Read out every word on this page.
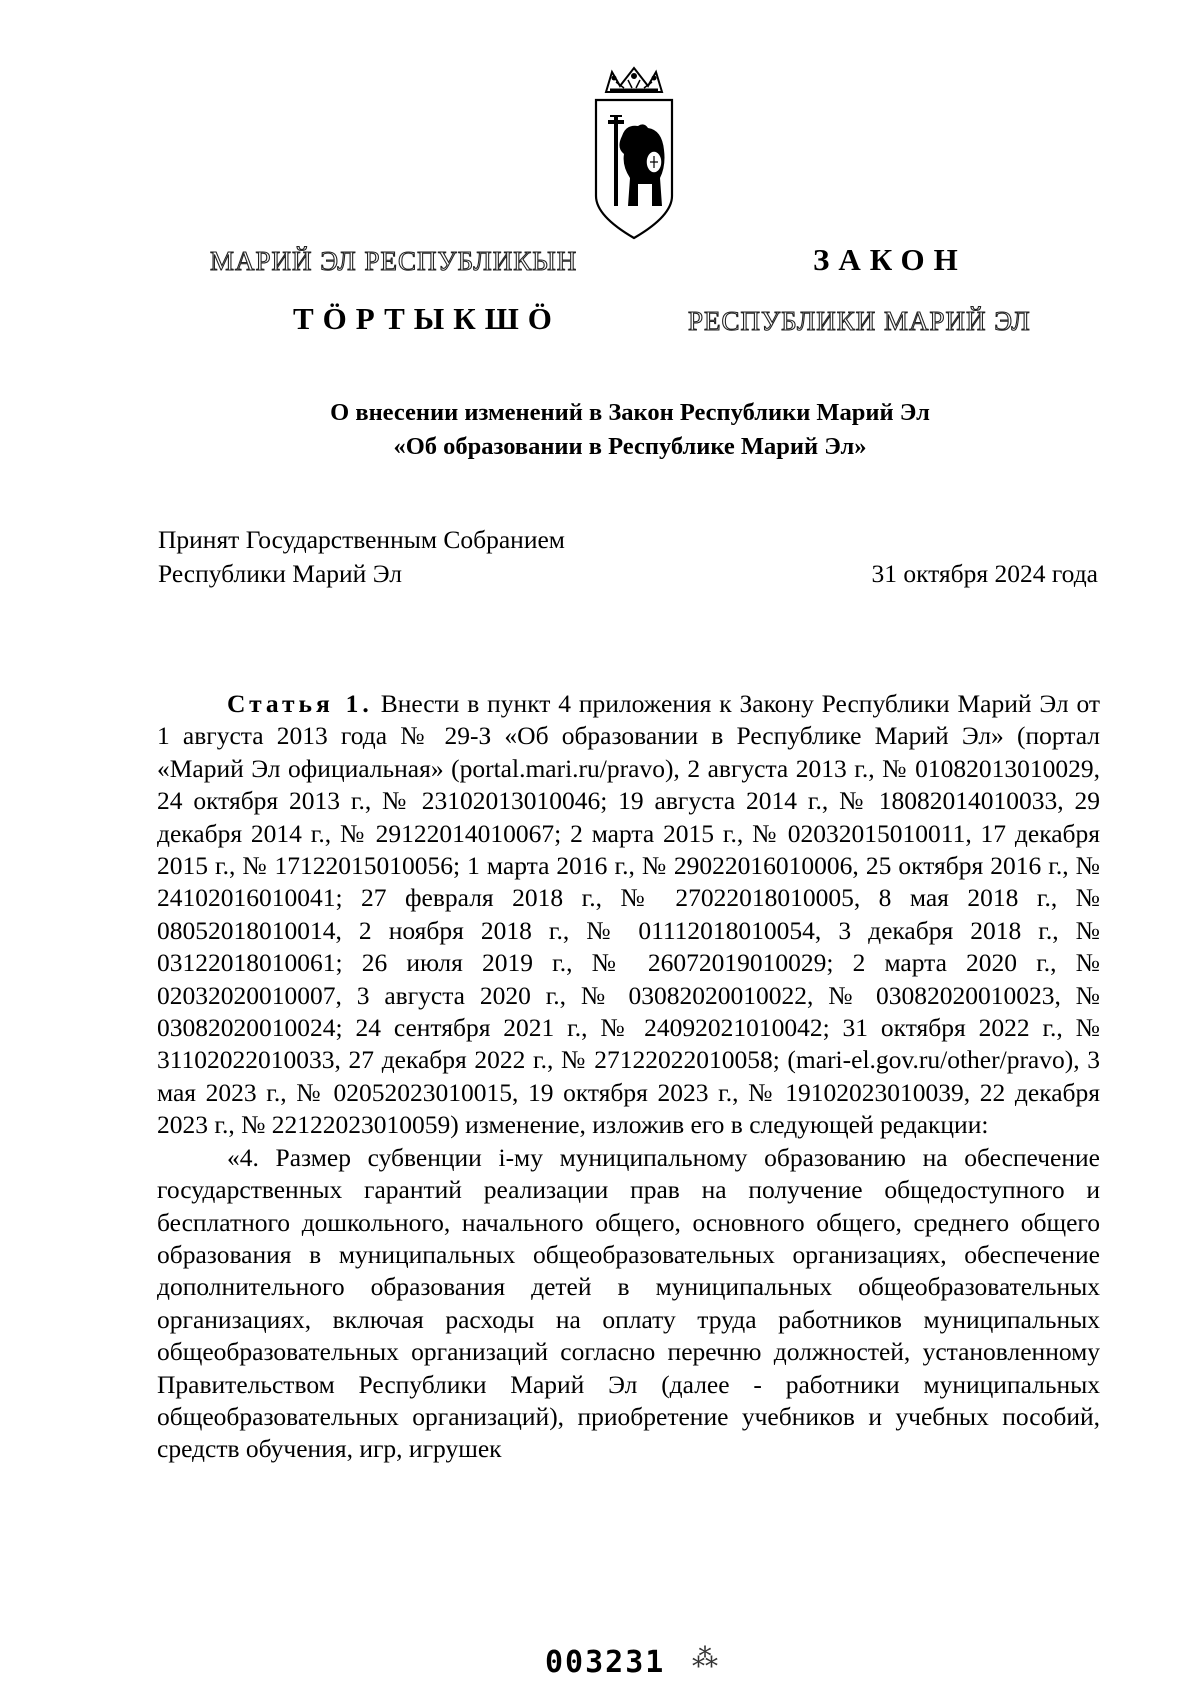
МАРИЙ ЭЛ РЕСПУБЛИКЫН	ЗАКОН
ТӦРТЫКШӦ	РЕСПУБЛИКИ МАРИЙ ЭЛ
О внесении изменений в Закон Республики Марий Эл
«Об образовании в Республике Марий Эл»
Принят Государственным Собранием
Республики Марий Эл	31 октября 2024 года

Статья 1. Внести в пункт 4 приложения к Закону Республики Марий Эл от 1 августа 2013 года № 29-З «Об образовании в Республике Марий Эл» (портал «Марий Эл официальная» (portal.mari.ru/pravo), 2 августа 2013 г., № 01082013010029, 24 октября 2013 г., № 23102013010046; 19 августа 2014 г., № 18082014010033, 29 декабря 2014 г., № 29122014010067; 2 марта 2015 г., № 02032015010011, 17 декабря 2015 г., № 17122015010056; 1 марта 2016 г., № 29022016010006, 25 октября 2016 г., № 24102016010041; 27 февраля 2018 г., № 27022018010005, 8 мая 2018 г., № 08052018010014, 2 ноября 2018 г., № 01112018010054, 3 декабря 2018 г., № 03122018010061; 26 июля 2019 г., № 26072019010029; 2 марта 2020 г., № 02032020010007, 3 августа 2020 г., № 03082020010022, № 03082020010023, № 03082020010024; 24 сентября 2021 г., № 24092021010042; 31 октября 2022 г., № 31102022010033, 27 декабря 2022 г., № 27122022010058; (mari-el.gov.ru/other/pravo), 3 мая 2023 г., № 02052023010015, 19 октября 2023 г., № 19102023010039, 22 декабря 2023 г., № 22122023010059) изменение, изложив его в следующей редакции:

«4. Размер субвенции i-му муниципальному образованию на обеспечение государственных гарантий реализации прав на получение общедоступного и бесплатного дошкольного, начального общего, основного общего, среднего общего образования в муниципальных общеобразовательных организациях, обеспечение дополнительного образования детей в муниципальных общеобразовательных организациях, включая расходы на оплату труда работников муниципальных общеобразовательных организаций согласно перечню должностей, установленному Правительством Республики Марий Эл (далее - работники муниципальных общеобразовательных организаций), приобретение учебников и учебных пособий, средств обучения, игр, игрушек

003231 ⁂
